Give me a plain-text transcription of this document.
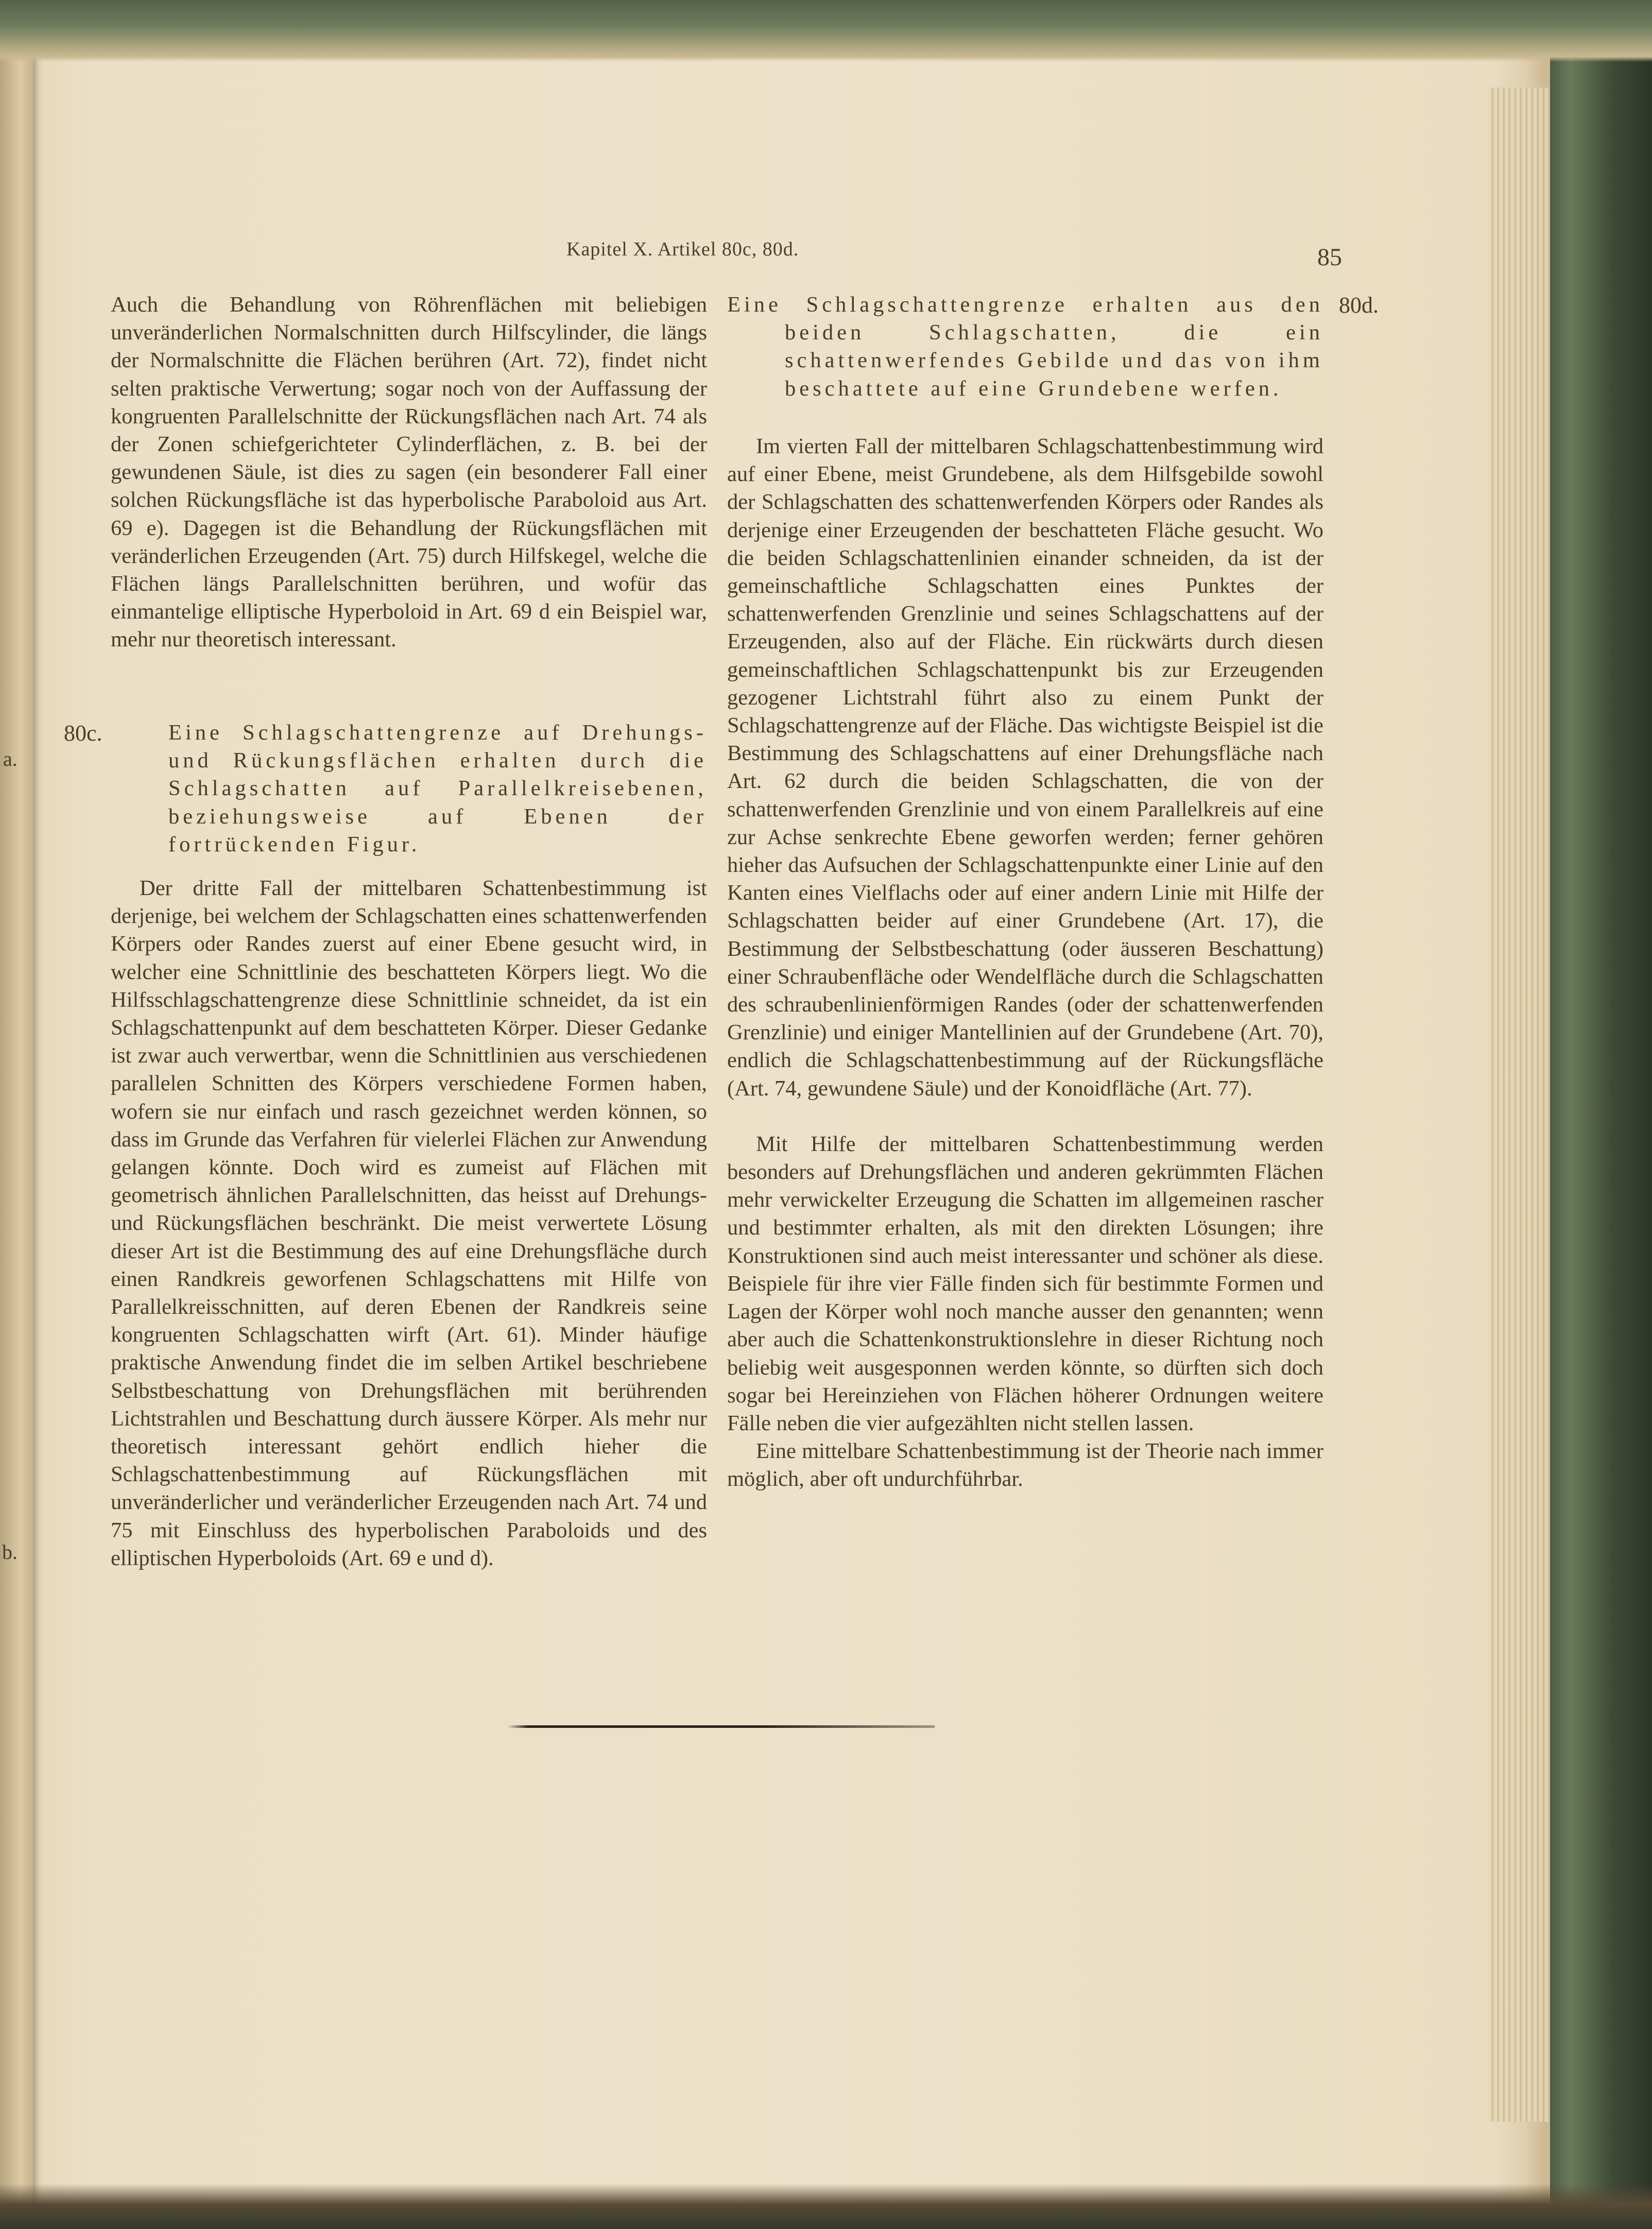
Kapitel X. Artikel 80c, 80d.	85
a.
b.
80c.
80d.

Auch die Behandlung von Röhrenflächen mit beliebigen unveränderlichen Normalschnitten durch Hilfscylinder, die längs der Normalschnitte die Flächen berühren (Art. 72), findet nicht selten praktische Verwertung; sogar noch von der Auffassung der kongruenten Parallelschnitte der Rückungsflächen nach Art. 74 als der Zonen schiefgerichteter Cylinderflächen, z. B. bei der gewundenen Säule, ist dies zu sagen (ein besonderer Fall einer solchen Rückungsfläche ist das hyperbolische Paraboloid aus Art. 69 e). Dagegen ist die Behandlung der Rückungsflächen mit veränderlichen Erzeugenden (Art. 75) durch Hilfskegel, welche die Flächen längs Parallelschnitten berühren, und wofür das einmantelige elliptische Hyperboloid in Art. 69 d ein Beispiel war, mehr nur theoretisch interessant.

Eine Schlagschattengrenze auf Drehungs- und Rückungsflächen erhalten durch die Schlagschatten auf Parallelkreisebenen, beziehungsweise auf Ebenen der fortrückenden Figur.

Der dritte Fall der mittelbaren Schattenbestimmung ist derjenige, bei welchem der Schlagschatten eines schattenwerfenden Körpers oder Randes zuerst auf einer Ebene gesucht wird, in welcher eine Schnittlinie des beschatteten Körpers liegt. Wo die Hilfsschlagschattengrenze diese Schnittlinie schneidet, da ist ein Schlagschattenpunkt auf dem beschatteten Körper. Dieser Gedanke ist zwar auch verwertbar, wenn die Schnittlinien aus verschiedenen parallelen Schnitten des Körpers verschiedene Formen haben, wofern sie nur einfach und rasch gezeichnet werden können, so dass im Grunde das Verfahren für vielerlei Flächen zur Anwendung gelangen könnte. Doch wird es zumeist auf Flächen mit geometrisch ähnlichen Parallelschnitten, das heisst auf Drehungs- und Rückungsflächen beschränkt. Die meist verwertete Lösung dieser Art ist die Bestimmung des auf eine Drehungsfläche durch einen Randkreis geworfenen Schlagschattens mit Hilfe von Parallelkreisschnitten, auf deren Ebenen der Randkreis seine kongruenten Schlagschatten wirft (Art. 61). Minder häufige praktische Anwendung findet die im selben Artikel beschriebene Selbstbeschattung von Drehungsflächen mit berührenden Lichtstrahlen und Beschattung durch äussere Körper. Als mehr nur theoretisch interessant gehört endlich hieher die Schlagschattenbestimmung auf Rückungsflächen mit unveränderlicher und veränderlicher Erzeugenden nach Art. 74 und 75 mit Einschluss des hyperbolischen Paraboloids und des elliptischen Hyperboloids (Art. 69 e und d).

Eine Schlagschattengrenze erhalten aus den beiden Schlagschatten, die ein schattenwerfendes Gebilde und das von ihm beschattete auf eine Grundebene werfen.

Im vierten Fall der mittelbaren Schlagschattenbestimmung wird auf einer Ebene, meist Grundebene, als dem Hilfsgebilde sowohl der Schlagschatten des schattenwerfenden Körpers oder Randes als derjenige einer Erzeugenden der beschatteten Fläche gesucht. Wo die beiden Schlagschattenlinien einander schneiden, da ist der gemeinschaftliche Schlagschatten eines Punktes der schattenwerfenden Grenzlinie und seines Schlagschattens auf der Erzeugenden, also auf der Fläche. Ein rückwärts durch diesen gemeinschaftlichen Schlagschattenpunkt bis zur Erzeugenden gezogener Lichtstrahl führt also zu einem Punkt der Schlagschattengrenze auf der Fläche. Das wichtigste Beispiel ist die Bestimmung des Schlagschattens auf einer Drehungsfläche nach Art. 62 durch die beiden Schlagschatten, die von der schattenwerfenden Grenzlinie und von einem Parallelkreis auf eine zur Achse senkrechte Ebene geworfen werden; ferner gehören hieher das Aufsuchen der Schlagschattenpunkte einer Linie auf den Kanten eines Vielflachs oder auf einer andern Linie mit Hilfe der Schlagschatten beider auf einer Grundebene (Art. 17), die Bestimmung der Selbstbeschattung (oder äusseren Beschattung) einer Schraubenfläche oder Wendelfläche durch die Schlagschatten des schraubenlinienförmigen Randes (oder der schattenwerfenden Grenzlinie) und einiger Mantellinien auf der Grundebene (Art. 70), endlich die Schlagschattenbestimmung auf der Rückungsfläche (Art. 74, gewundene Säule) und der Konoidfläche (Art. 77).

Mit Hilfe der mittelbaren Schattenbestimmung werden besonders auf Drehungsflächen und anderen gekrümmten Flächen mehr verwickelter Erzeugung die Schatten im allgemeinen rascher und bestimmter erhalten, als mit den direkten Lösungen; ihre Konstruktionen sind auch meist interessanter und schöner als diese. Beispiele für ihre vier Fälle finden sich für bestimmte Formen und Lagen der Körper wohl noch manche ausser den genannten; wenn aber auch die Schattenkonstruktionslehre in dieser Richtung noch beliebig weit ausgesponnen werden könnte, so dürften sich doch sogar bei Hereinziehen von Flächen höherer Ordnungen weitere Fälle neben die vier aufgezählten nicht stellen lassen.

Eine mittelbare Schattenbestimmung ist der Theorie nach immer möglich, aber oft undurchführbar.
